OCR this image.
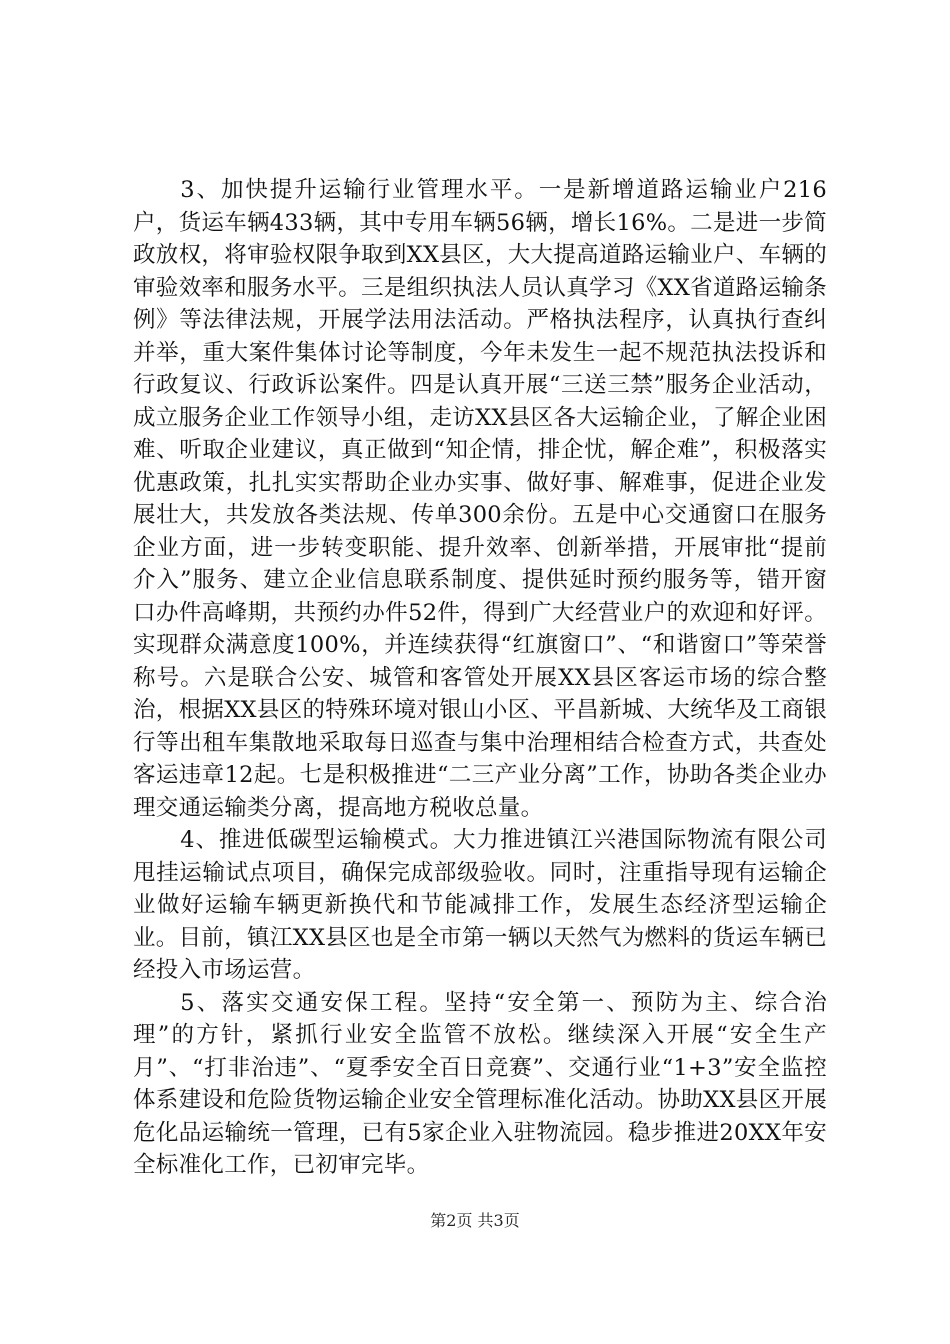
3、加快提升运输行业管理水平。一是新增道路运输业户216户，货运车辆433辆，其中专用车辆56辆，增长16%。二是进一步简政放权，将审验权限争取到XX县区，大大提高道路运输业户、车辆的审验效率和服务水平。三是组织执法人员认真学习《XX省道路运输条例》等法律法规，开展学法用法活动。严格执法程序，认真执行查纠并举，重大案件集体讨论等制度，今年未发生一起不规范执法投诉和行政复议、行政诉讼案件。四是认真开展“三送三禁”服务企业活动，成立服务企业工作领导小组，走访XX县区各大运输企业，了解企业困难、听取企业建议，真正做到“知企情，排企忧，解企难”，积极落实优惠政策，扎扎实实帮助企业办实事、做好事、解难事，促进企业发展壮大，共发放各类法规、传单300余份。五是中心交通窗口在服务企业方面，进一步转变职能、提升效率、创新举措，开展审批“提前介入”服务、建立企业信息联系制度、提供延时预约服务等，错开窗口办件高峰期，共预约办件52件，得到广大经营业户的欢迎和好评。实现群众满意度100%，并连续获得“红旗窗口”、“和谐窗口”等荣誉称号。六是联合公安、城管和客管处开展XX县区客运市场的综合整治，根据XX县区的特殊环境对银山小区、平昌新城、大统华及工商银行等出租车集散地采取每日巡查与集中治理相结合检查方式，共查处客运违章12起。七是积极推进“二三产业分离”工作，协助各类企业办理交通运输类分离，提高地方税收总量。

4、推进低碳型运输模式。大力推进镇江兴港国际物流有限公司甩挂运输试点项目，确保完成部级验收。同时，注重指导现有运输企业做好运输车辆更新换代和节能减排工作，发展生态经济型运输企业。目前，镇江XX县区也是全市第一辆以天然气为燃料的货运车辆已经投入市场运营。

5、落实交通安保工程。坚持“安全第一、预防为主、综合治理”的方针，紧抓行业安全监管不放松。继续深入开展“安全生产月”、“打非治违”、“夏季安全百日竞赛”、交通行业“1+3”安全监控体系建设和危险货物运输企业安全管理标准化活动。协助XX县区开展危化品运输统一管理，已有5家企业入驻物流园。稳步推进20XX年安全标准化工作，已初审完毕。

第2页 共3页
